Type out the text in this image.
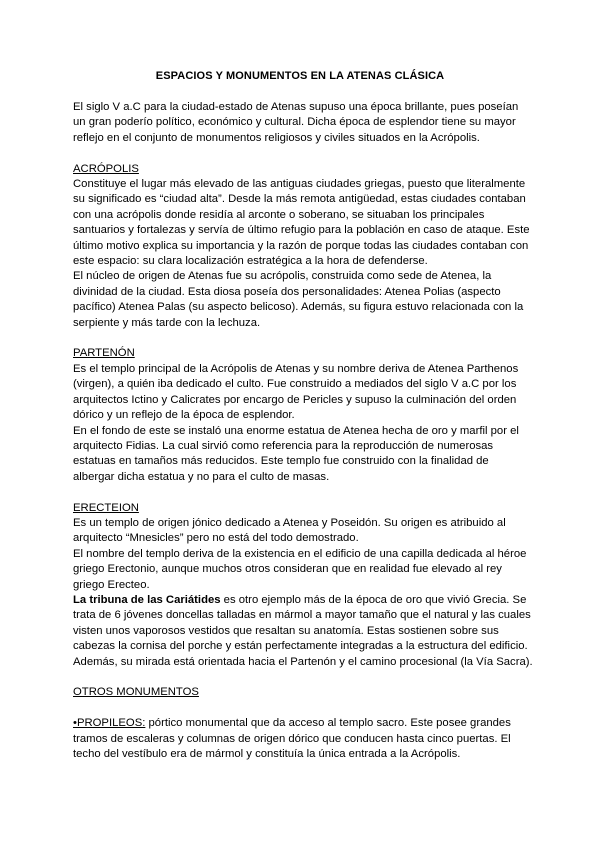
ESPACIOS Y MONUMENTOS EN LA ATENAS CLÁSICA

El siglo V a.C para la ciudad-estado de Atenas supuso una época brillante, pues poseían un gran poderío político, económico y cultural. Dicha época de esplendor tiene su mayor reflejo en el conjunto de monumentos religiosos y civiles situados en la Acrópolis.

ACRÓPOLIS

Constituye el lugar más elevado de las antiguas ciudades griegas, puesto que literalmente su significado es “ciudad alta”. Desde la más remota antigüedad, estas ciudades contaban con una acrópolis donde residía al arconte o soberano, se situaban los principales santuarios y fortalezas y servía de último refugio para la población en caso de ataque. Este último motivo explica su importancia y la razón de porque todas las ciudades contaban con este espacio: su clara localización estratégica a la hora de defenderse.

El núcleo de origen de Atenas fue su acrópolis, construida como sede de Atenea, la divinidad de la ciudad. Esta diosa poseía dos personalidades: Atenea Polias (aspecto pacífico) Atenea Palas (su aspecto belicoso). Además, su figura estuvo relacionada con la serpiente y más tarde con la lechuza.

PARTENÓN

Es el templo principal de la Acrópolis de Atenas y su nombre deriva de Atenea Parthenos (virgen), a quién iba dedicado el culto. Fue construido a mediados del siglo V a.C por los arquitectos Ictino y Calicrates por encargo de Pericles y supuso la culminación del orden dórico y un reflejo de la época de esplendor.

En el fondo de este se instaló una enorme estatua de Atenea hecha de oro y marfil por el arquitecto Fidias. La cual sirvió como referencia para la reproducción de numerosas estatuas en tamaños más reducidos. Este templo fue construido con la finalidad de albergar dicha estatua y no para el culto de masas.

ERECTEION

Es un templo de origen jónico dedicado a Atenea y Poseidón. Su origen es atribuido al arquitecto “Mnesicles” pero no está del todo demostrado.

El nombre del templo deriva de la existencia en el edificio de una capilla dedicada al héroe griego Erectonio, aunque muchos otros consideran que en realidad fue elevado al rey griego Erecteo.

La tribuna de las Cariátides es otro ejemplo más de la época de oro que vivió Grecia. Se trata de 6 jóvenes doncellas talladas en mármol a mayor tamaño que el natural y las cuales visten unos vaporosos vestidos que resaltan su anatomía. Estas sostienen sobre sus cabezas la cornisa del porche y están perfectamente integradas a la estructura del edificio. Además, su mirada está orientada hacia el Partenón y el camino procesional (la Vía Sacra).

OTROS MONUMENTOS

•PROPILEOS: pórtico monumental que da acceso al templo sacro. Este posee grandes tramos de escaleras y columnas de origen dórico que conducen hasta cinco puertas. El techo del vestíbulo era de mármol y constituía la única entrada a la Acrópolis.
